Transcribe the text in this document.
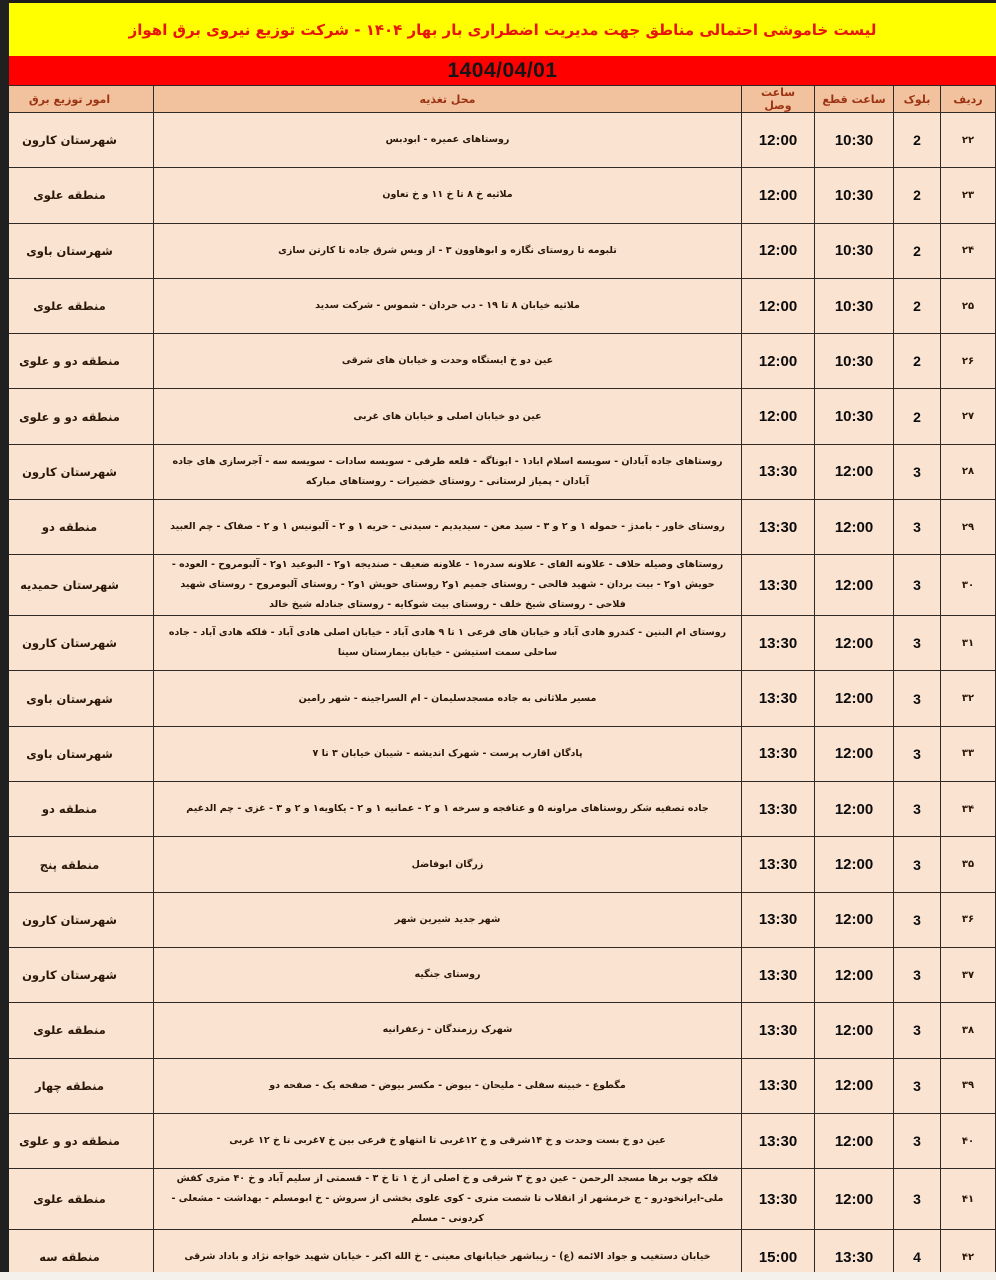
لیست خاموشی احتمالی مناطق جهت مدیریت اضطراری بار بهار ۱۴۰۴ - شرکت توزیع نیروی برق اهواز
1404/04/01
ردیف	بلوک	ساعت قطع	ساعت وصل	محل تغذیه	امور توزیع برق
۲۲	2	10:30	12:00	روستاهای عمیره - ابودبس	شهرستان کارون
۲۳	2	10:30	12:00	ملاثیه خ ۸ تا خ ۱۱ و خ تعاون	منطقه علوی
۲۴	2	10:30	12:00	تلبومه تا روستای نگازه و ابوهاوون ۳ - از ویس شرق جاده تا کارتن سازی	شهرستان باوی
۲۵	2	10:30	12:00	ملاثیه خیابان ۸ تا ۱۹ - دب حردان - شموس - شرکت سدید	منطقه علوی
۲۶	2	10:30	12:00	عین دو خ ایستگاه وحدت و خیابان های شرقی	منطقه دو و علوی
۲۷	2	10:30	12:00	عین دو خیابان اصلی و خیابان های غربی	منطقه دو و علوی
۲۸	3	12:00	13:30	روستاهای جاده آبادان - سویسه اسلام اباد۱ - ابوناگه - قلعه طرفی - سویسه سادات - سویسه سه - آجرسازی های جاده آبادان - پمیاز لرستانی - روستای خضیرات - روستاهای مبارکه	شهرستان کارون
۲۹	3	12:00	13:30	روستای خاور - بامدژ - حموله ۱ و ۲ و ۳ - سید معن - سیدیدیم - سیدنی - حریه ۱ و ۲ - آلبونیس ۱ و ۲ - صفاک - چم العبید	منطقه دو
۳۰	3	12:00	13:30	روستاهای وصیله حلاف - علاونه الفای - علاونه سدره۱ - علاونه ضعیف - صندیجه ۱و۲ - البوعید ۱و۲ - آلبومروح - العوده - حویش ۱و۲ - بیت بردان - شهید فالحی - روستای جمیم ۱و۲ روستای حویش ۱و۲ - روستای آلبومروح - روستای شهید فلاحی - روستای شیخ خلف - روستای بیت شوکایه - روستای جنادله شیخ خالد	شهرستان حمیدیه
۳۱	3	12:00	13:30	روستای ام البنین - کندرو هادی آباد و خیابان های فرعی ۱ تا ۹ هادی آباد - خیابان اصلی هادی آباد - فلکه هادی آباد - جاده ساحلی سمت استیشن - خیابان بیمارستان سینا	شهرستان کارون
۳۲	3	12:00	13:30	مسیر ملاثانی به جاده مسجدسلیمان - ام السراجینه - شهر رامین	شهرستان باوی
۳۳	3	12:00	13:30	پادگان اقارب پرست - شهرک اندیشه - شیبان خیابان ۳ تا ۷	شهرستان باوی
۳۴	3	12:00	13:30	جاده تصفیه شکر روستاهای مراونه ۵ و عتافجه و سرخه ۱ و ۲ - عمانیه ۱ و ۲ - یکاویه۱ و ۲ و ۳ - غزی - چم الدغیم	منطقه دو
۳۵	3	12:00	13:30	زرگان ابوفاضل	منطقه پنج
۳۶	3	12:00	13:30	شهر جدید شیرین شهر	شهرستان کارون
۳۷	3	12:00	13:30	روستای جنگیه	شهرستان کارون
۳۸	3	12:00	13:30	شهرک رزمندگان - زعفرانیه	منطقه علوی
۳۹	3	12:00	13:30	مگطوع - خبینه سفلی - ملیحان - بیوض - مکسر بیوض - صفحه یک - صفحه دو	منطقه چهار
۴۰	3	12:00	13:30	عین دو خ بست وحدت و خ ۱۴شرقی و خ ۱۲غربی تا انتهاو خ فرعی بین خ ۷غربی تا خ ۱۲ غربی	منطقه دو و علوی
۴۱	3	12:00	13:30	فلکه چوب برها مسجد الرحمن - عین دو خ ۳ شرقی و خ اصلی از خ ۱ تا خ ۳ - قسمتی از سلیم آباد و خ ۴۰ متری کفش ملی-ایرانخودرو - ج خرمشهر از انقلاب تا شصت متری - کوی علوی بخشی از سروش - خ ابومسلم - بهداشت - مشعلی - کردونی - مسلم	منطقه علوی
۴۲	4	13:30	15:00	خیابان دستغیب و جواد الائمه (ع) - زیباشهر خیابانهای معینی - خ الله اکبر - خیابان شهید خواجه نژاد و باداد شرقی	منطقه سه
